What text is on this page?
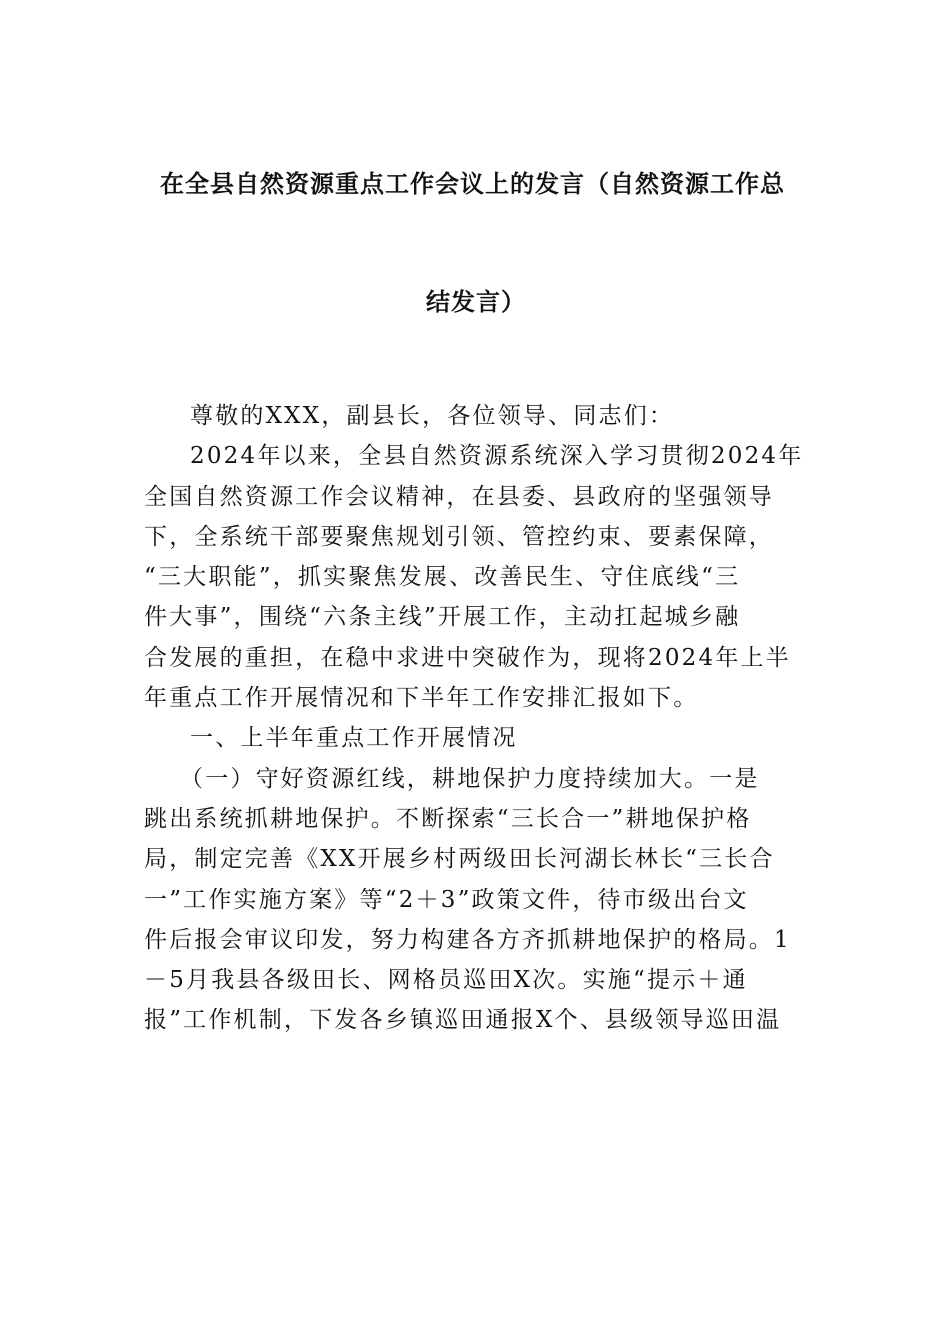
在全县自然资源重点工作会议上的发言（自然资源工作总
结发言）

尊敬的XXX，副县长，各位领导、同志们：

2024年以来，全县自然资源系统深入学习贯彻2024年

全国自然资源工作会议精神，在县委、县政府的坚强领导

下，全系统干部要聚焦规划引领、管控约束、要素保障，

“三大职能”，抓实聚焦发展、改善民生、守住底线“三

件大事”，围绕“六条主线”开展工作，主动扛起城乡融

合发展的重担，在稳中求进中突破作为，现将2024年上半

年重点工作开展情况和下半年工作安排汇报如下。

一、上半年重点工作开展情况

（一）守好资源红线，耕地保护力度持续加大。一是

跳出系统抓耕地保护。不断探索“三长合一”耕地保护格

局，制定完善《XX开展乡村两级田长河湖长林长“三长合

一”工作实施方案》等“2＋3”政策文件，待市级出台文

件后报会审议印发，努力构建各方齐抓耕地保护的格局。1

－5月我县各级田长、网格员巡田X次。实施“提示＋通

报”工作机制，下发各乡镇巡田通报X个、县级领导巡田温
